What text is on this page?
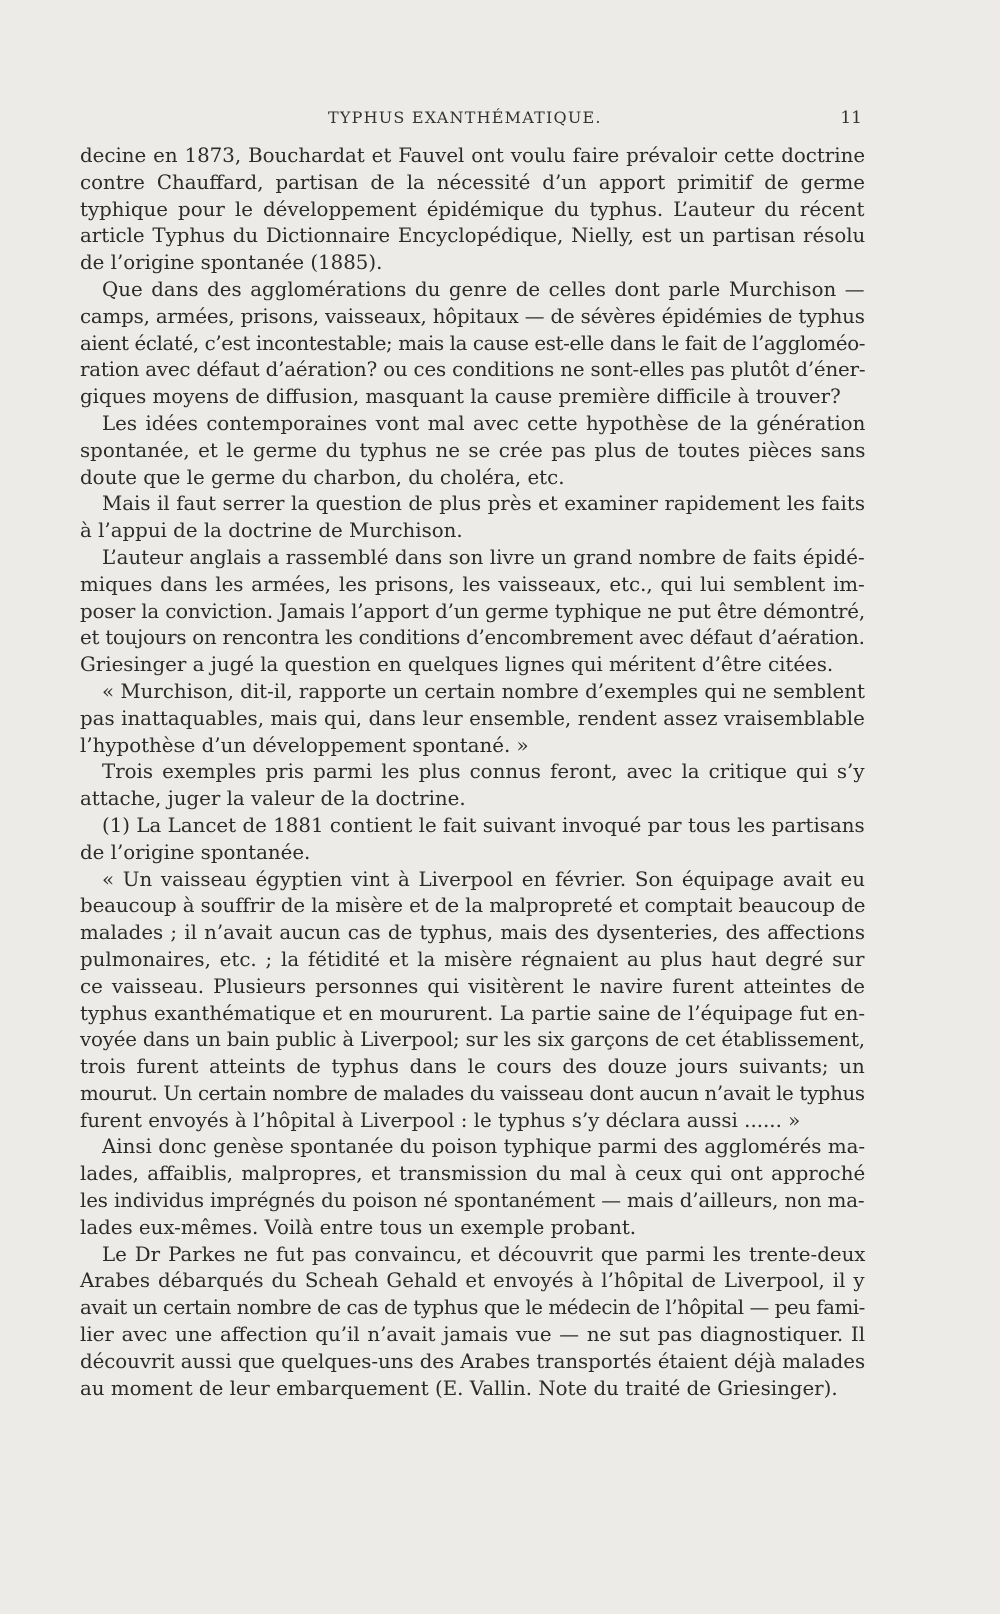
TYPHUS EXANTHÉMATIQUE.	11
decine en 1873, Bouchardat et Fauvel ont voulu faire prévaloir cette doctrine
contre Chauffard, partisan de la nécessité d’un apport primitif de germe
typhique pour le développement épidémique du typhus. L’auteur du récent
article Typhus du Dictionnaire Encyclopédique, Nielly, est un partisan résolu
de l’origine spontanée (1885).
Que dans des agglomérations du genre de celles dont parle Murchison —
camps, armées, prisons, vaisseaux, hôpitaux — de sévères épidémies de typhus
aient éclaté, c’est incontestable; mais la cause est-elle dans le fait de l’aggloméo-
ration avec défaut d’aération? ou ces conditions ne sont-elles pas plutôt d’éner-
giques moyens de diffusion, masquant la cause première difficile à trouver?
Les idées contemporaines vont mal avec cette hypothèse de la génération
spontanée, et le germe du typhus ne se crée pas plus de toutes pièces sans
doute que le germe du charbon, du choléra, etc.
Mais il faut serrer la question de plus près et examiner rapidement les faits
à l’appui de la doctrine de Murchison.
L’auteur anglais a rassemblé dans son livre un grand nombre de faits épidé-
miques dans les armées, les prisons, les vaisseaux, etc., qui lui semblent im-
poser la conviction. Jamais l’apport d’un germe typhique ne put être démontré,
et toujours on rencontra les conditions d’encombrement avec défaut d’aération.
Griesinger a jugé la question en quelques lignes qui méritent d’être citées.
« Murchison, dit-il, rapporte un certain nombre d’exemples qui ne semblent
pas inattaquables, mais qui, dans leur ensemble, rendent assez vraisemblable
l’hypothèse d’un développement spontané. »
Trois exemples pris parmi les plus connus feront, avec la critique qui s’y
attache, juger la valeur de la doctrine.
(1) La Lancet de 1881 contient le fait suivant invoqué par tous les partisans
de l’origine spontanée.
« Un vaisseau égyptien vint à Liverpool en février. Son équipage avait eu
beaucoup à souffrir de la misère et de la malpropreté et comptait beaucoup de
malades ; il n’avait aucun cas de typhus, mais des dysenteries, des affections
pulmonaires, etc. ; la fétidité et la misère régnaient au plus haut degré sur
ce vaisseau. Plusieurs personnes qui visitèrent le navire furent atteintes de
typhus exanthématique et en moururent. La partie saine de l’équipage fut en-
voyée dans un bain public à Liverpool; sur les six garçons de cet établissement,
trois furent atteints de typhus dans le cours des douze jours suivants; un
mourut. Un certain nombre de malades du vaisseau dont aucun n’avait le typhus
furent envoyés à l’hôpital à Liverpool : le typhus s’y déclara aussi ...... »
Ainsi donc genèse spontanée du poison typhique parmi des agglomérés ma-
lades, affaiblis, malpropres, et transmission du mal à ceux qui ont approché
les individus imprégnés du poison né spontanément — mais d’ailleurs, non ma-
lades eux-mêmes. Voilà entre tous un exemple probant.
Le Dr Parkes ne fut pas convaincu, et découvrit que parmi les trente-deux
Arabes débarqués du Scheah Gehald et envoyés à l’hôpital de Liverpool, il y
avait un certain nombre de cas de typhus que le médecin de l’hôpital — peu fami-
lier avec une affection qu’il n’avait jamais vue — ne sut pas diagnostiquer. Il
découvrit aussi que quelques-uns des Arabes transportés étaient déjà malades
au moment de leur embarquement (E. Vallin. Note du traité de Griesinger).
